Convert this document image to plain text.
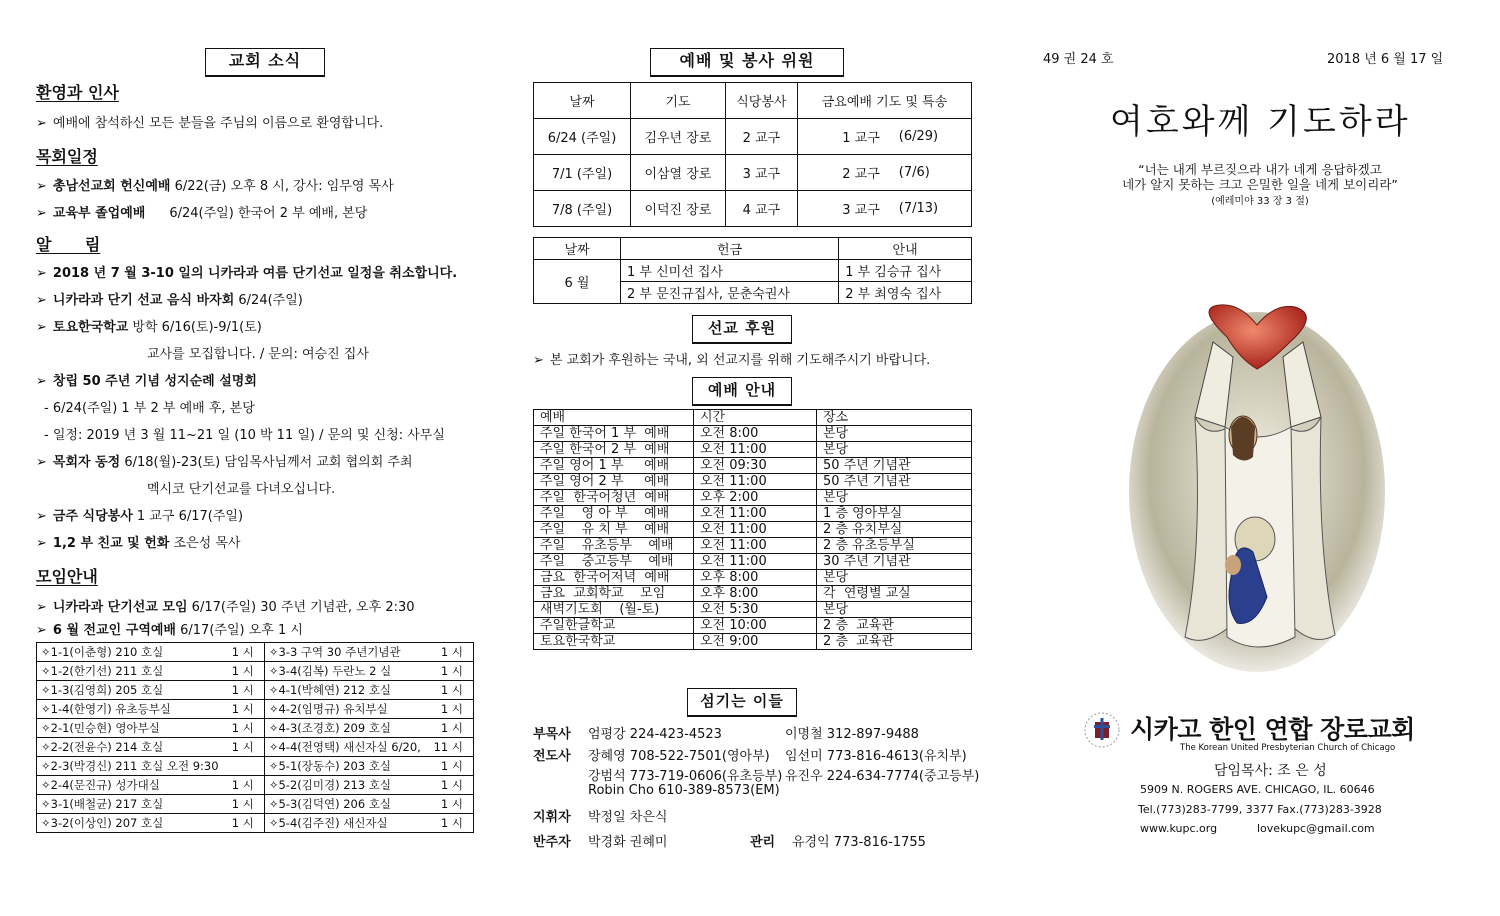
교회 소식
환영과 인사
➢ 예배에 참석하신 모든 분들을 주님의 이름으로 환영합니다.
목회일정
➢ 총남선교회 헌신예배 6/22(금) 오후 8 시, 강사: 임무영 목사
➢ 교육부 졸업예배 6/24(주일) 한국어 2 부 예배, 본당
알      림
➢ 2018 년 7 월 3-10 일의 니카라과 여름 단기선교 일정을 취소합니다.
➢ 니카라과 단기 선교 음식 바자회 6/24(주일)
➢ 토요한국학교 방학 6/16(토)-9/1(토)
교사를 모집합니다. / 문의: 여승진 집사
➢ 창립 50 주년 기념 성지순례 설명회
- 6/24(주일) 1 부 2 부 예배 후, 본당
- 일정: 2019 년 3 월 11~21 일 (10 박 11 일) / 문의 및 신청: 사무실
➢ 목회자 동정 6/18(월)-23(토) 담임목사님께서 교회 협의회 주최
멕시코 단기선교를 다녀오십니다.
➢ 금주 식당봉사 1 교구 6/17(주일)
➢ 1,2 부 친교 및 헌화 조은성 목사
모임안내
➢ 니카라과 단기선교 모임 6/17(주일) 30 주년 기념관, 오후 2:30
➢ 6 월 전교인 구역예배 6/17(주일) 오후 1 시
✧1-1(이춘형) 210 호실	1 시	✧3-3 구역 30 주년기념관	1 시
✧1-2(한기선) 211 호실	1 시	✧3-4(김복) 두란노 2 실	1 시
✧1-3(김영희) 205 호실	1 시	✧4-1(박혜연) 212 호실	1 시
✧1-4(한영기) 유초등부실	1 시	✧4-2(임명규) 유치부실	1 시
✧2-1(민승현) 영아부실	1 시	✧4-3(조경호) 209 호실	1 시
✧2-2(전윤수) 214 호실	1 시	✧4-4(전영택) 새신자실 6/20,	11 시
✧2-3(박경신) 211 호실 오전 9:30		✧5-1(장동수) 203 호실	1 시
✧2-4(문진규) 성가대실	1 시	✧5-2(김미경) 213 호실	1 시
✧3-1(배철균) 217 호실	1 시	✧5-3(김덕연) 206 호실	1 시
✧3-2(이상인) 207 호실	1 시	✧5-4(김주진) 새신자실	1 시
예배 및 봉사 위원
날짜	기도	식당봉사	금요예배 기도 및 특송	
6/24 (주일)	김우년 장로	2 교구	1 교구	(6/29)
7/1 (주일)	이삼열 장로	3 교구	2 교구	(7/6)
7/8 (주일)	이덕진 장로	4 교구	3 교구	(7/13)
날짜	헌금	안내
6 월	1 부 신미선 집사	1 부 김승규 집사
	2 부 문진규집사, 문춘숙권사	2 부 최영숙 집사
선교 후원
➢ 본 교회가 후원하는 국내, 외 선교지를 위해 기도해주시기 바랍니다.
예배 안내
예배	시간	장소
주일 한국어 1 부  예배	오전 8:00	본당
주일 한국어 2 부  예배	오전 11:00	본당
주일 영어 1 부     예배	오전 09:30	50 주년 기념관
주일 영어 2 부     예배	오전 11:00	50 주년 기념관
주일  한국어청년  예배	오후 2:00	본당
주일    영 아 부    예배	오전 11:00	1 층 영아부실
주일    유 치 부    예배	오전 11:00	2 층 유치부실
주일    유초등부    예배	오전 11:00	2 층 유초등부실
주일    중고등부    예배	오전 11:00	30 주년 기념관
금요  한국어저녁  예배	오후 8:00	본당
금요  교회학교    모임	오후 8:00	각  연령별 교실
새벽기도회    (월-토)	오전 5:30	본당
주일한글학교	오전 10:00	2 층  교육관
토요한국학교	오전 9:00	2 층  교육관
섬기는 이들
부목사 엄평강 224-423-4523	이명철 312-897-9488
전도사 장혜영 708-522-7501(영아부) 임선미 773-816-4613(유치부)
강범석 773-719-0606(유초등부) 유진우 224-634-7774(중고등부)
Robin Cho 610-389-8573(EM)
지휘자 박정일 차은식
반주자 박경화 권혜미	관리 유경익 773-816-1755
49 권 24 호	2018 년 6 월 17 일
여호와께 기도하라
“너는 내게 부르짖으라 내가 네게 응답하겠고
네가 알지 못하는 크고 은밀한 일을 네게 보이리라”
(예레미야 33 장 3 절)
시카고 한인 연합 장로교회
The Korean United Presbyterian Church of Chicago
담임목사: 조 은 성
5909 N. ROGERS AVE. CHICAGO, IL. 60646
Tel.(773)283-7799, 3377 Fax.(773)283-3928
www.kupc.org	lovekupc@gmail.com
